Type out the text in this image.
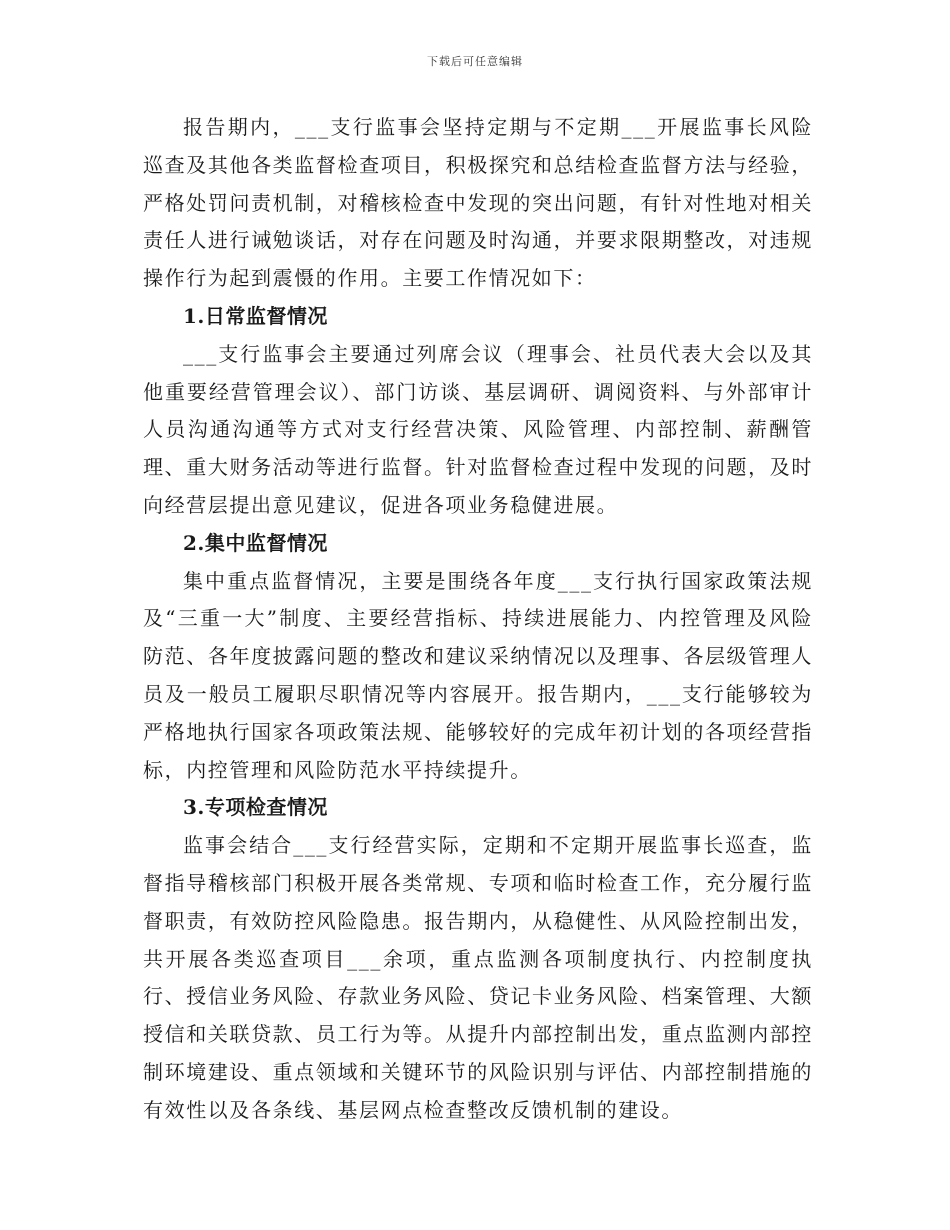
下载后可任意编辑

报告期内，___支行监事会坚持定期与不定期___开展监事长风险巡查及其他各类监督检查项目，积极探究和总结检查监督方法与经验，严格处罚问责机制，对稽核检查中发现的突出问题，有针对性地对相关责任人进行诫勉谈话，对存在问题及时沟通，并要求限期整改，对违规操作行为起到震慑的作用。主要工作情况如下：

1.日常监督情况

___支行监事会主要通过列席会议（理事会、社员代表大会以及其他重要经营管理会议）、部门访谈、基层调研、调阅资料、与外部审计人员沟通沟通等方式对支行经营决策、风险管理、内部控制、薪酬管理、重大财务活动等进行监督。针对监督检查过程中发现的问题，及时向经营层提出意见建议，促进各项业务稳健进展。

2.集中监督情况

集中重点监督情况，主要是围绕各年度___支行执行国家政策法规及“三重一大”制度、主要经营指标、持续进展能力、内控管理及风险防范、各年度披露问题的整改和建议采纳情况以及理事、各层级管理人员及一般员工履职尽职情况等内容展开。报告期内，___支行能够较为严格地执行国家各项政策法规、能够较好的完成年初计划的各项经营指标，内控管理和风险防范水平持续提升。

3.专项检查情况

监事会结合___支行经营实际，定期和不定期开展监事长巡查，监督指导稽核部门积极开展各类常规、专项和临时检查工作，充分履行监督职责，有效防控风险隐患。报告期内，从稳健性、从风险控制出发，共开展各类巡查项目___余项，重点监测各项制度执行、内控制度执行、授信业务风险、存款业务风险、贷记卡业务风险、档案管理、大额授信和关联贷款、员工行为等。从提升内部控制出发，重点监测内部控制环境建设、重点领域和关键环节的风险识别与评估、内部控制措施的有效性以及各条线、基层网点检查整改反馈机制的建设。
